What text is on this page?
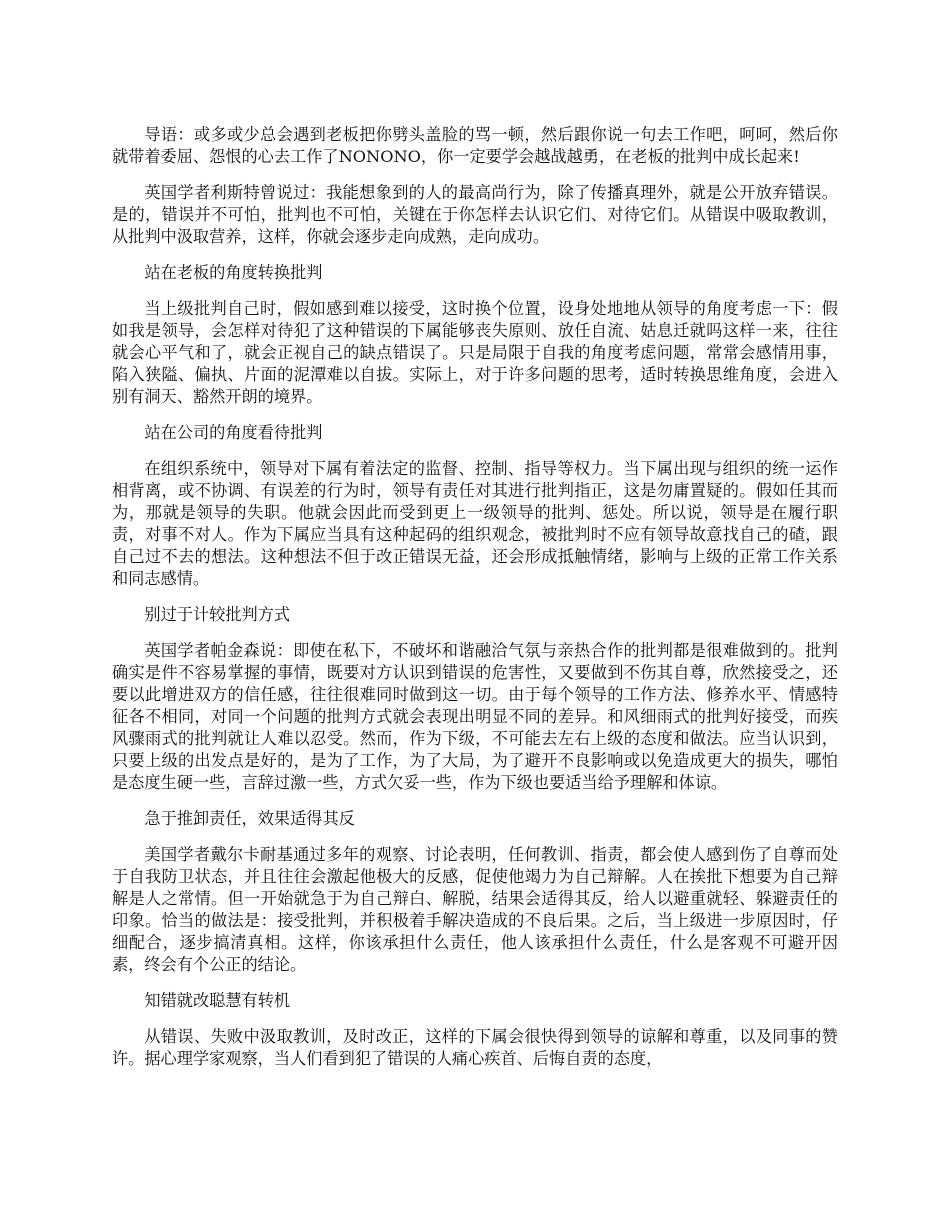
导语：或多或少总会遇到老板把你劈头盖脸的骂一顿，然后跟你说一句去工作吧，呵呵，然后你就带着委屈、怨恨的心去工作了NONONO，你一定要学会越战越勇，在老板的批判中成长起来!

英国学者利斯特曾说过：我能想象到的人的最高尚行为，除了传播真理外，就是公开放弃错误。是的，错误并不可怕，批判也不可怕，关键在于你怎样去认识它们、对待它们。从错误中吸取教训，从批判中汲取营养，这样，你就会逐步走向成熟，走向成功。

站在老板的角度转换批判

当上级批判自己时，假如感到难以接受，这时换个位置，设身处地地从领导的角度考虑一下：假如我是领导，会怎样对待犯了这种错误的下属能够丧失原则、放任自流、姑息迁就吗这样一来，往往就会心平气和了，就会正视自己的缺点错误了。只是局限于自我的角度考虑问题，常常会感情用事，陷入狭隘、偏执、片面的泥潭难以自拔。实际上，对于许多问题的思考，适时转换思维角度，会进入别有洞天、豁然开朗的境界。

站在公司的角度看待批判

在组织系统中，领导对下属有着法定的监督、控制、指导等权力。当下属出现与组织的统一运作相背离，或不协调、有误差的行为时，领导有责任对其进行批判指正，这是勿庸置疑的。假如任其而为，那就是领导的失职。他就会因此而受到更上一级领导的批判、惩处。所以说，领导是在履行职责，对事不对人。作为下属应当具有这种起码的组织观念，被批判时不应有领导故意找自己的碴，跟自己过不去的想法。这种想法不但于改正错误无益，还会形成抵触情绪，影响与上级的正常工作关系和同志感情。

别过于计较批判方式

英国学者帕金森说：即使在私下，不破坏和谐融洽气氛与亲热合作的批判都是很难做到的。批判确实是件不容易掌握的事情，既要对方认识到错误的危害性，又要做到不伤其自尊，欣然接受之，还要以此增进双方的信任感，往往很难同时做到这一切。由于每个领导的工作方法、修养水平、情感特征各不相同，对同一个问题的批判方式就会表现出明显不同的差异。和风细雨式的批判好接受，而疾风骤雨式的批判就让人难以忍受。然而，作为下级，不可能去左右上级的态度和做法。应当认识到，只要上级的出发点是好的，是为了工作，为了大局，为了避开不良影响或以免造成更大的损失，哪怕是态度生硬一些，言辞过激一些，方式欠妥一些，作为下级也要适当给予理解和体谅。

急于推卸责任，效果适得其反

美国学者戴尔卡耐基通过多年的观察、讨论表明，任何教训、指责，都会使人感到伤了自尊而处于自我防卫状态，并且往往会激起他极大的反感，促使他竭力为自己辩解。人在挨批下想要为自己辩解是人之常情。但一开始就急于为自己辩白、解脱，结果会适得其反，给人以避重就轻、躲避责任的印象。恰当的做法是：接受批判，并积极着手解决造成的不良后果。之后，当上级进一步原因时，仔细配合，逐步搞清真相。这样，你该承担什么责任，他人该承担什么责任，什么是客观不可避开因素，终会有个公正的结论。

知错就改聪慧有转机

从错误、失败中汲取教训，及时改正，这样的下属会很快得到领导的谅解和尊重，以及同事的赞许。据心理学家观察，当人们看到犯了错误的人痛心疾首、后悔自责的态度，
